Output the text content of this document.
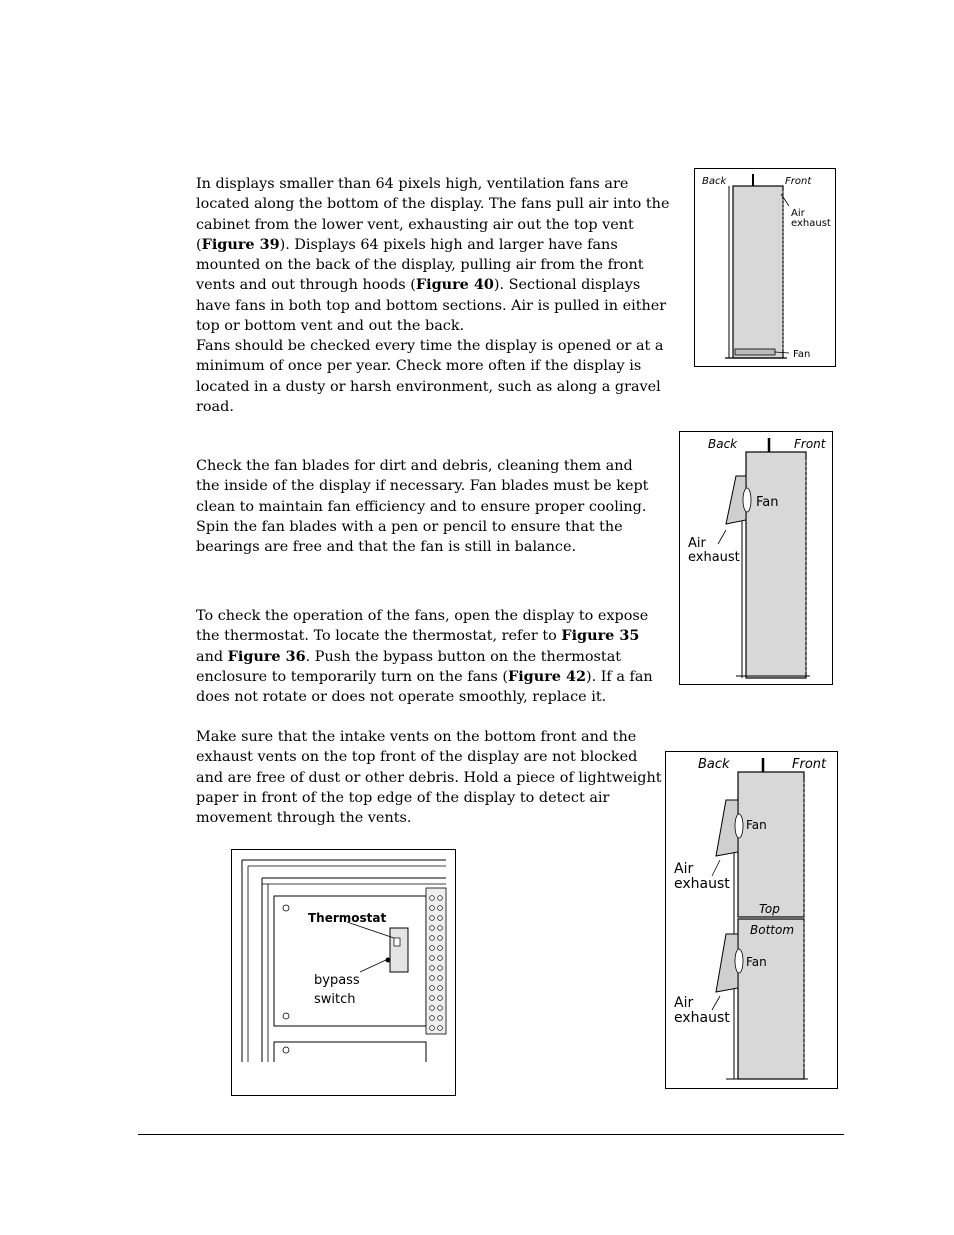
In displays smaller than 64 pixels high, ventilation fans are located along the bottom of the display. The fans pull air into the cabinet from the lower vent, exhausting air out the top vent (Figure 39). Displays 64 pixels high and larger have fans mounted on the back of the display, pulling air from the front vents and out through hoods (Figure 40). Sectional displays have fans in both top and bottom sections. Air is pulled in either top or bottom vent and out the back.

Fans should be checked every time the display is opened or at a minimum of once per year. Check more often if the display is located in a dusty or harsh environment, such as along a gravel road.

Check the fan blades for dirt and debris, cleaning them and the inside of the display if necessary. Fan blades must be kept clean to maintain fan efficiency and to ensure proper cooling. Spin the fan blades with a pen or pencil to ensure that the bearings are free and that the fan is still in balance.

To check the operation of the fans, open the display to expose the thermostat. To locate the thermostat, refer to Figure 35 and Figure 36. Push the bypass button on the thermostat enclosure to temporarily turn on the fans (Figure 42). If a fan does not rotate or does not operate smoothly, replace it.

Make sure that the intake vents on the bottom front and the exhaust vents on the top front of the display are not blocked and are free of dust or other debris. Hold a piece of lightweight paper in front of the top edge of the display to detect air movement through the vents.

Back	Front
Air
exhaust
Fan
Back	Front
Fan
Air
exhaust
Back	Front
Fan
Air
exhaust
Top
Bottom
Fan
Air
exhaust
Thermostat
bypass
switch
